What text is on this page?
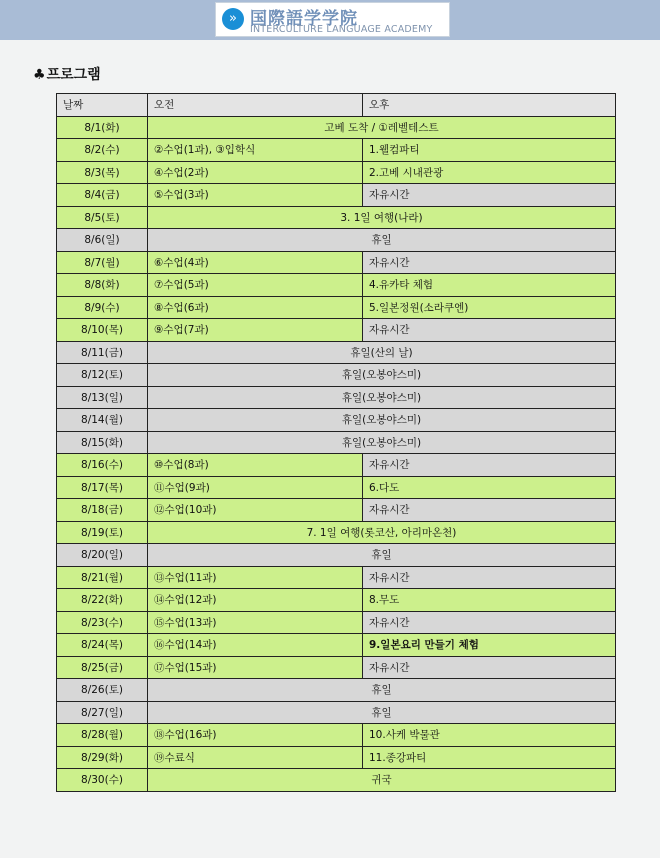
» 国際語学学院
INTERCULTURE LANGUAGE ACADEMY
♣프로그램
날짜	오전	오후
8/1(화)	고베 도착 / ①레벨테스트	
8/2(수)	②수업(1과), ③입학식	1.웰컴파티
8/3(목)	④수업(2과)	2.고베 시내관광
8/4(금)	⑤수업(3과)	자유시간
8/5(토)	3. 1일 여행(나라)	
8/6(일)	휴일	
8/7(월)	⑥수업(4과)	자유시간
8/8(화)	⑦수업(5과)	4.유카타 체험
8/9(수)	⑧수업(6과)	5.일본정원(소라쿠엔)
8/10(목)	⑨수업(7과)	자유시간
8/11(금)	휴일(산의 날)	
8/12(토)	휴일(오봉야스미)	
8/13(일)	휴일(오봉야스미)	
8/14(월)	휴일(오봉야스미)	
8/15(화)	휴일(오봉야스미)	
8/16(수)	⑩수업(8과)	자유시간
8/17(목)	⑪수업(9과)	6.다도
8/18(금)	⑫수업(10과)	자유시간
8/19(토)	7. 1일 여행(롯코산, 아리마온천)	
8/20(일)	휴일	
8/21(월)	⑬수업(11과)	자유시간
8/22(화)	⑭수업(12과)	8.무도
8/23(수)	⑮수업(13과)	자유시간
8/24(목)	⑯수업(14과)	9.일본요리 만들기 체험
8/25(금)	⑰수업(15과)	자유시간
8/26(토)	휴일	
8/27(일)	휴일	
8/28(월)	⑱수업(16과)	10.사케 박물관
8/29(화)	⑲수료식	11.종강파티
8/30(수)	귀국	
